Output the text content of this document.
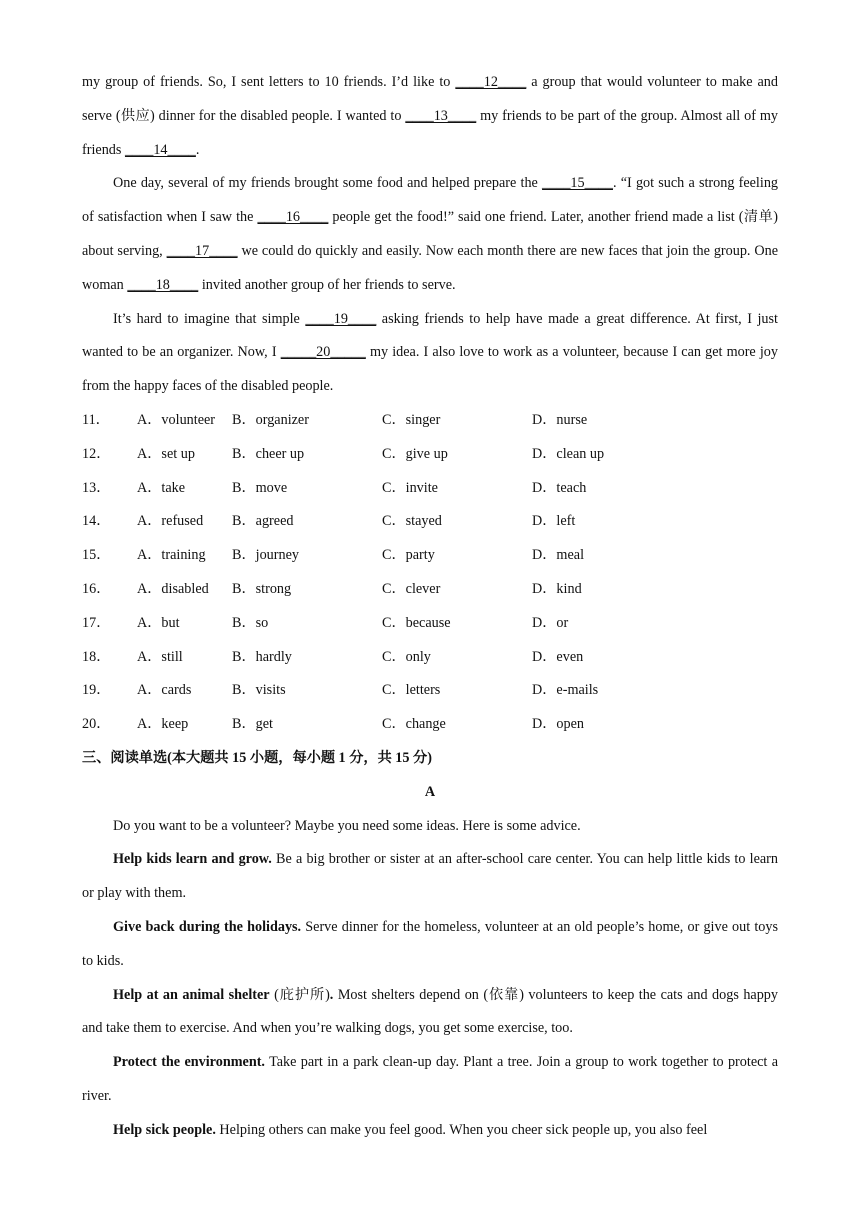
my group of friends. So, I sent letters to 10 friends. I’d like to ____12____ a group that would volunteer to make and serve (供应) dinner for the disabled people. I wanted to ____13____ my friends to be part of the group. Almost all of my friends ____14____.

One day, several of my friends brought some food and helped prepare the ____15____. “I got such a strong feeling of satisfaction when I saw the ____16____ people get the food!” said one friend. Later, another friend made a list (清单) about serving, ____17____ we could do quickly and easily. Now each month there are new faces that join the group. One woman ____18____ invited another group of her friends to serve.

It’s hard to imagine that simple ____19____ asking friends to help have made a great difference. At first, I just wanted to be an organizer. Now, I _____20_____ my idea. I also love to work as a volunteer, because I can get more joy from the happy faces of the disabled people.

11．	A．volunteer	B．organizer	C．singer	D．nurse
12．	A．set up	B．cheer up	C．give up	D．clean up
13．	A．take	B．move	C．invite	D．teach
14．	A．refused	B．agreed	C．stayed	D．left
15．	A．training	B．journey	C．party	D．meal
16．	A．disabled	B．strong	C．clever	D．kind
17．	A．but	B．so	C．because	D．or
18．	A．still	B．hardly	C．only	D．even
19．	A．cards	B．visits	C．letters	D．e-mails
20．	A．keep	B．get	C．change	D．open

三、阅读单选(本大题共 15 小题，每小题 1 分，共 15 分)

A

Do you want to be a volunteer? Maybe you need some ideas. Here is some advice.

Help kids learn and grow. Be a big brother or sister at an after-school care center. You can help little kids to learn or play with them.

Give back during the holidays. Serve dinner for the homeless, volunteer at an old people’s home, or give out toys to kids.

Help at an animal shelter (庇护所). Most shelters depend on (依靠) volunteers to keep the cats and dogs happy and take them to exercise. And when you’re walking dogs, you get some exercise, too.

Protect the environment. Take part in a park clean-up day. Plant a tree. Join a group to work together to protect a river.

Help sick people. Helping others can make you feel good. When you cheer sick people up, you also feel
